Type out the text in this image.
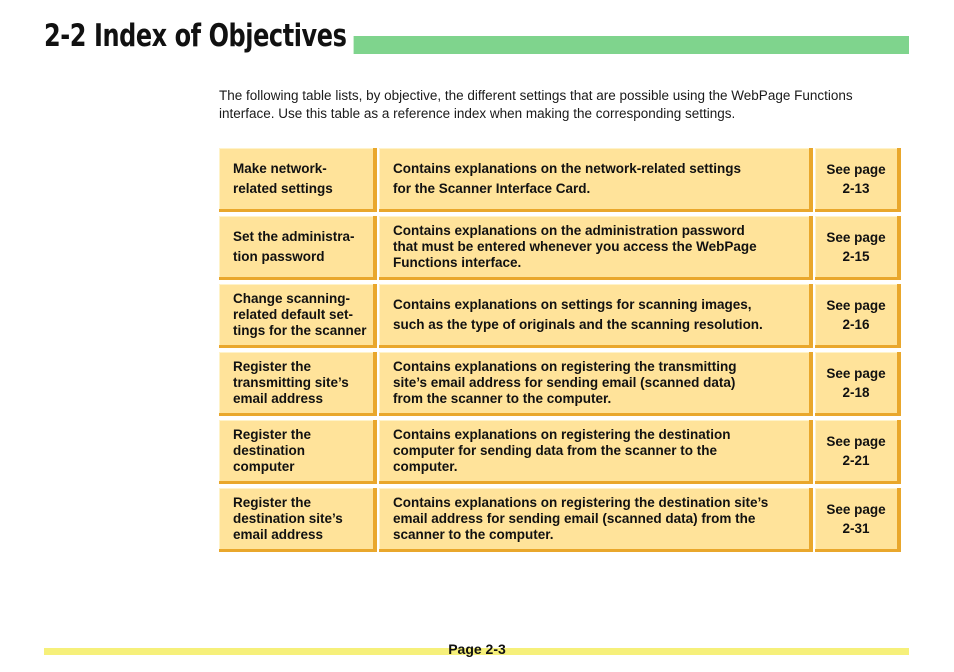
2-2 Index of Objectives

The following table lists, by objective, the different settings that are possible using the WebPage Functions interface. Use this table as a reference index when making the corresponding settings.

Make network-
related settings
Contains explanations on the network-related settings
for the Scanner Interface Card.
See page
2-13
Set the administra-
tion password
Contains explanations on the administration password
that must be entered whenever you access the WebPage
Functions interface.
See page
2-15
Change scanning-
related default set-
tings for the scanner
Contains explanations on settings for scanning images,
such as the type of originals and the scanning resolution.
See page
2-16
Register the
transmitting site’s
email address
Contains explanations on registering the transmitting
site’s email address for sending email (scanned data)
from the scanner to the computer.
See page
2-18
Register the
destination
computer
Contains explanations on registering the destination
computer for sending data from the scanner to the
computer.
See page
2-21
Register the
destination site’s
email address
Contains explanations on registering the destination site’s
email address for sending email (scanned data) from the
scanner to the computer.
See page
2-31
Page 2-3
